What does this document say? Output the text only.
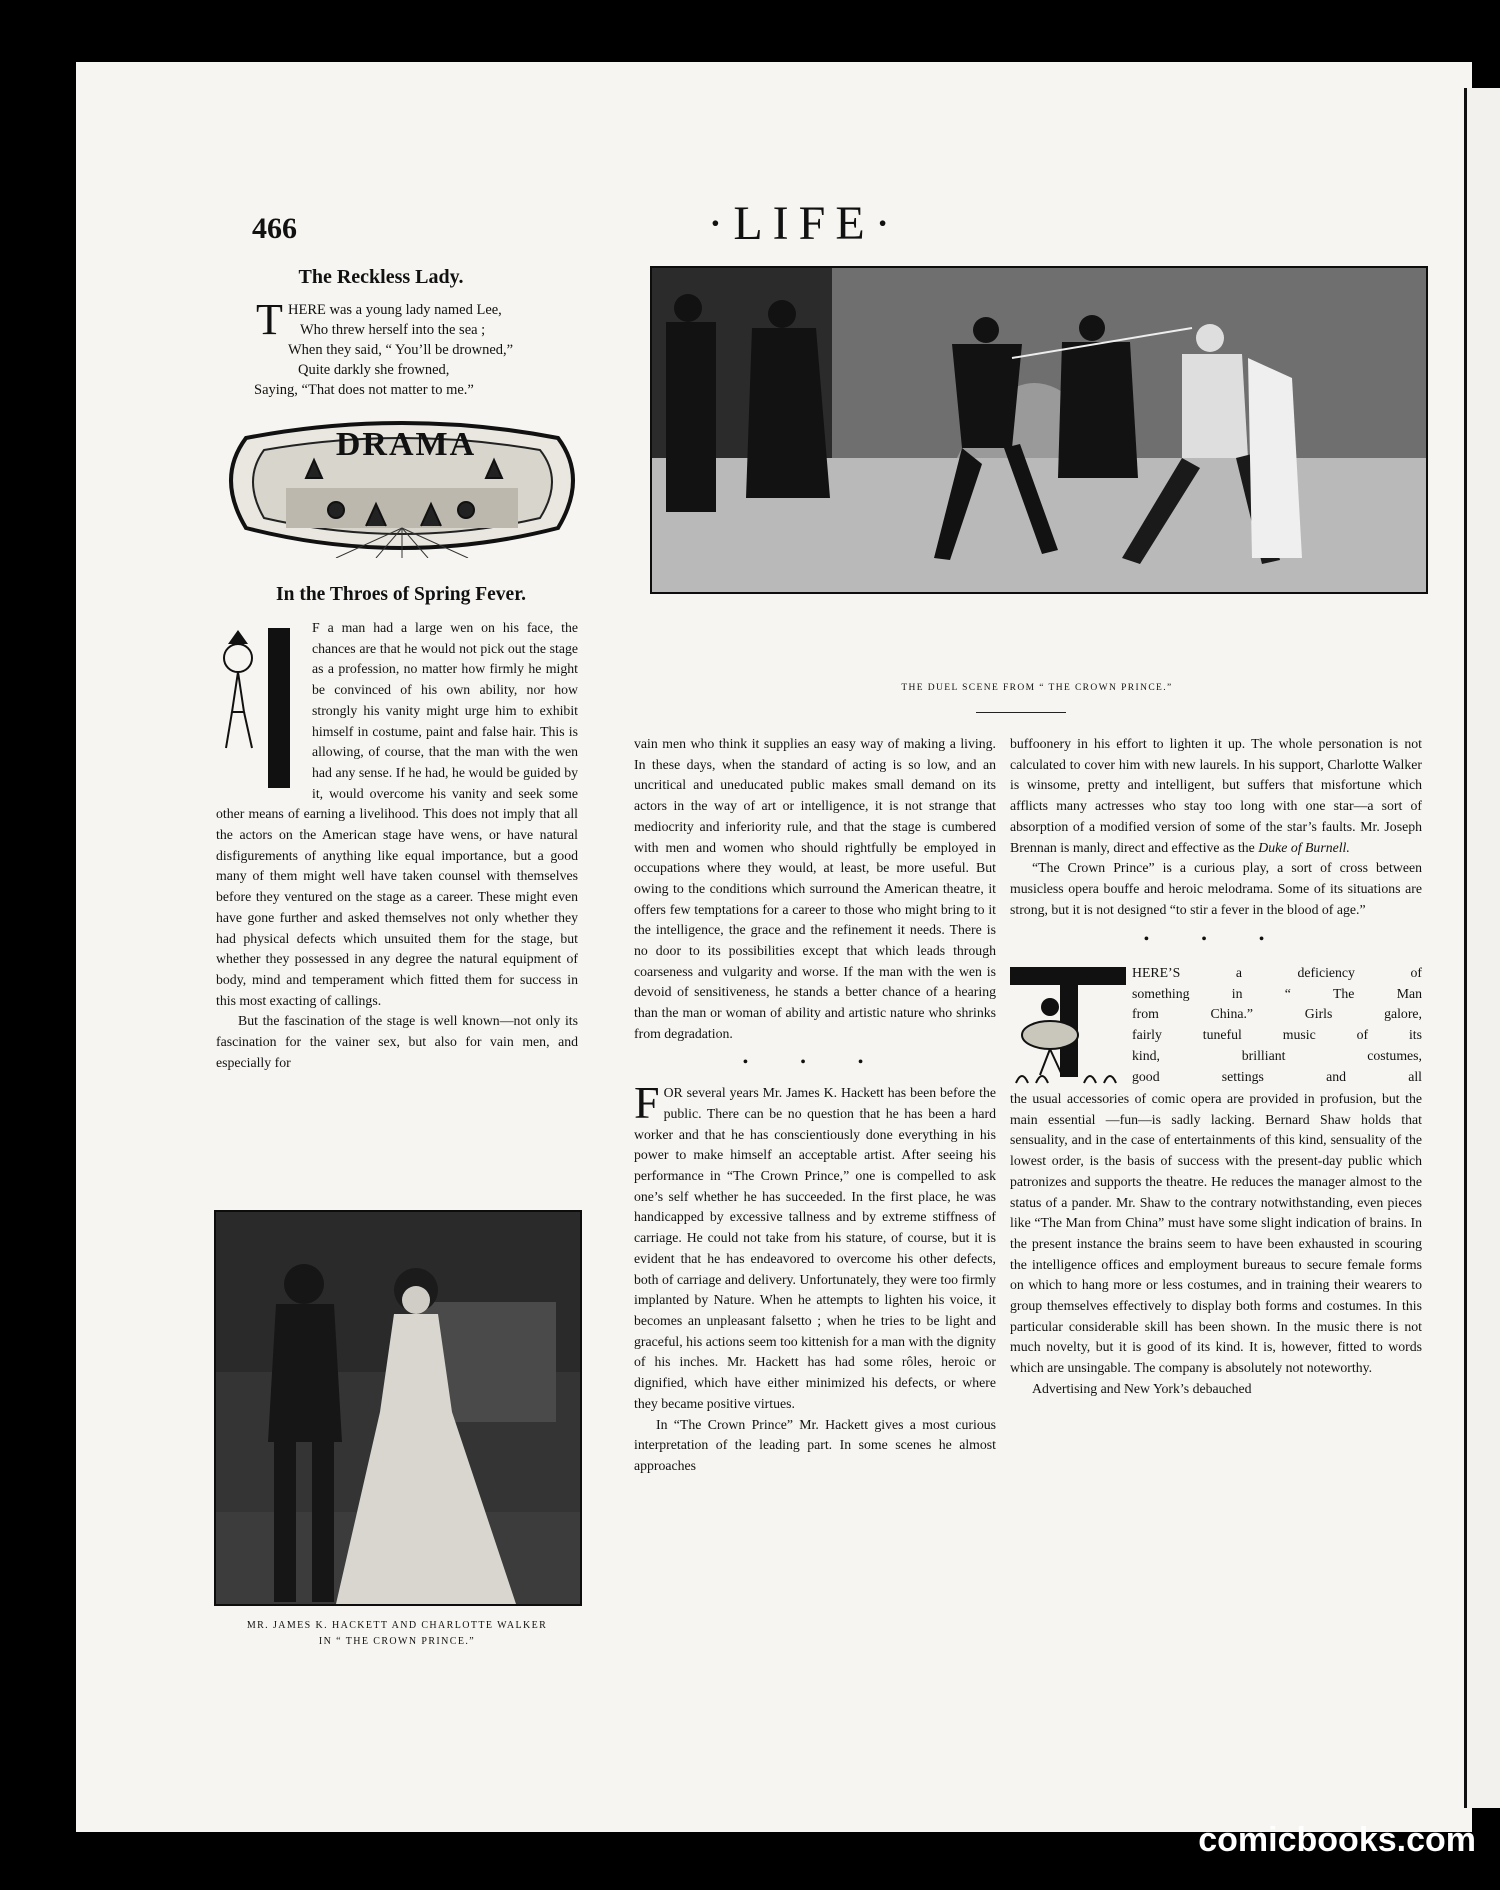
466	·LIFE·
The Reckless Lady.
T HERE was a young lady named Lee,
Who threw herself into the sea ;
When they said, “ You’ll be drowned,”
Quite darkly she frowned,
Saying, “That does not matter to me.”
DRAMA
In the Throes of Spring Fever.

F a man had a large wen on his face, the chances are that he would not pick out the stage as a profession, no matter how firmly he might be convinced of his own ability, nor how strongly his vanity might urge him to exhibit himself in costume, paint and false hair. This is allowing, of course, that the man with the wen had any sense. If he had, he would be guided by it, would overcome his vanity and seek some other means of earning a livelihood. This does not imply that all the actors on the American stage have wens, or have natural disfigurements of anything like equal importance, but a good many of them might well have taken counsel with themselves before they ventured on the stage as a career. These might even have gone further and asked themselves not only whether they had physical defects which unsuited them for the stage, but whether they possessed in any degree the natural equipment of body, mind and temperament which fitted them for success in this most exacting of callings.

But the fascination of the stage is well known—not only its fascination for the vainer sex, but also for vain men, and especially for

MR. JAMES K. HACKETT AND CHARLOTTE WALKER
IN “ THE CROWN PRINCE.”
THE DUEL SCENE FROM “ THE CROWN PRINCE.”

vain men who think it supplies an easy way of making a living. In these days, when the standard of acting is so low, and an uncritical and uneducated public makes small demand on its actors in the way of art or intelligence, it is not strange that mediocrity and inferiority rule, and that the stage is cumbered with men and women who should rightfully be employed in occupations where they would, at least, be more useful. But owing to the conditions which surround the American theatre, it offers few temptations for a career to those who might bring to it the intelligence, the grace and the refinement it needs. There is no door to its possibilities except that which leads through coarseness and vulgarity and worse. If the man with the wen is devoid of sensitiveness, he stands a better chance of a hearing than the man or woman of ability and artistic nature who shrinks from degradation.

• • •

F OR several years Mr. James K. Hackett has been before the public. There can be no question that he has been a hard worker and that he has conscientiously done everything in his power to make himself an acceptable artist. After seeing his performance in “The Crown Prince,” one is compelled to ask one’s self whether he has succeeded. In the first place, he was handicapped by excessive tallness and by extreme stiffness of carriage. He could not take from his stature, of course, but it is evident that he has endeavored to overcome his other defects, both of carriage and delivery. Unfortunately, they were too firmly implanted by Nature. When he attempts to lighten his voice, it becomes an unpleasant falsetto ; when he tries to be light and graceful, his actions seem too kittenish for a man with the dignity of his inches. Mr. Hackett has had some rôles, heroic or dignified, which have either minimized his defects, or where they became positive virtues.

In “The Crown Prince” Mr. Hackett gives a most curious interpretation of the leading part. In some scenes he almost approaches

buffoonery in his effort to lighten it up. The whole personation is not calculated to cover him with new laurels. In his support, Charlotte Walker is winsome, pretty and intelligent, but suffers that misfortune which afflicts many actresses who stay too long with one star—a sort of absorption of a modified version of some of the star’s faults. Mr. Joseph Brennan is manly, direct and effective as the Duke of Burnell.

“The Crown Prince” is a curious play, a sort of cross between musicless opera bouffe and heroic melodrama. Some of its situations are strong, but it is not designed “to stir a fever in the blood of age.”

• • •
HERE’S a deficiency of
something in “ The Man
from China.” Girls galore,
fairly tuneful music of its
kind, brilliant costumes,
good settings and all

the usual accessories of comic opera are provided in profusion, but the main essential —fun—is sadly lacking. Bernard Shaw holds that sensuality, and in the case of entertainments of this kind, sensuality of the lowest order, is the basis of success with the present-day public which patronizes and supports the theatre. He reduces the manager almost to the status of a pander. Mr. Shaw to the contrary notwithstanding, even pieces like “The Man from China” must have some slight indication of brains. In the present instance the brains seem to have been exhausted in scouring the intelligence offices and employment bureaus to secure female forms on which to hang more or less costumes, and in training their wearers to group themselves effectively to display both forms and costumes. In this particular considerable skill has been shown. In the music there is not much novelty, but it is good of its kind. It is, however, fitted to words which are unsingable. The company is absolutely not noteworthy.

Advertising and New York’s debauched

comicbooks.com
